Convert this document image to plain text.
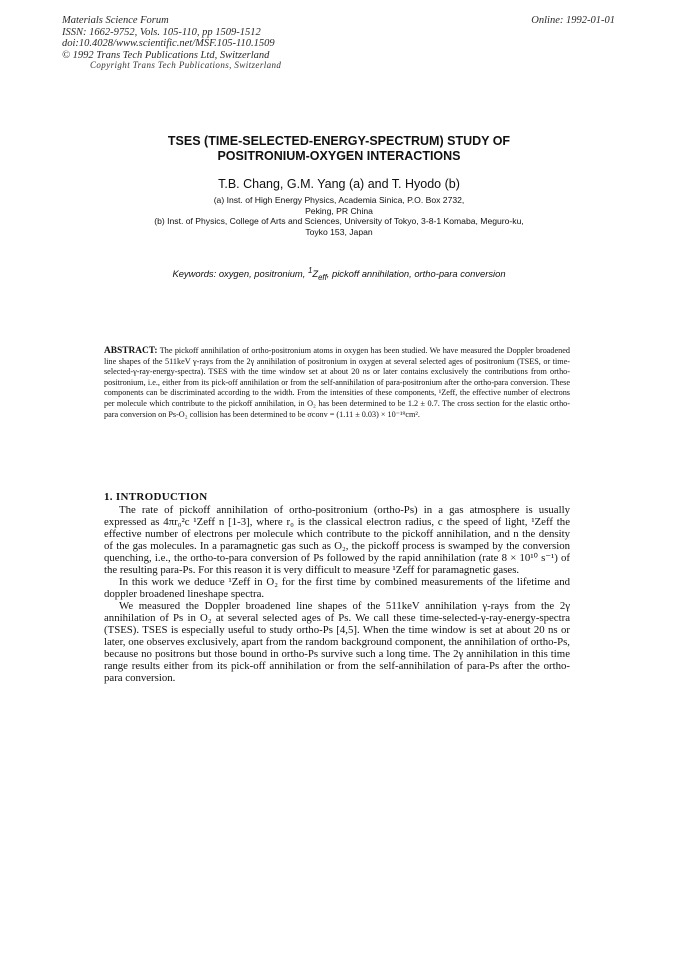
Materials Science Forum
ISSN: 1662-9752, Vols. 105-110, pp 1509-1512
doi:10.4028/www.scientific.net/MSF.105-110.1509
© 1992 Trans Tech Publications Ltd, Switzerland
Copyright Trans Tech Publications, Switzerland
Online: 1992-01-01
TSES (TIME-SELECTED-ENERGY-SPECTRUM) STUDY OF
POSITRONIUM-OXYGEN INTERACTIONS
T.B. Chang, G.M. Yang (a) and T. Hyodo (b)
(a) Inst. of High Energy Physics, Academia Sinica, P.O. Box 2732,
Peking, PR China
(b) Inst. of Physics, College of Arts and Sciences, University of Tokyo, 3-8-1 Komaba, Meguro-ku,
Toyko 153, Japan
Keywords: oxygen, positronium, $^1Z_{eff}$, pickoff annihilation, ortho-para conversion
ABSTRACT: The pickoff annihilation of ortho-positronium atoms in oxygen has been studied. We have measured the Doppler broadened line shapes of the 511keV γ-rays from the 2γ annihilation of positronium in oxygen at several selected ages of positronium (TSES, or time-selected-γ-ray-energy-spectra). TSES with the time window set at about 20 ns or later contains exclusively the contributions from ortho-positronium, i.e., either from its pick-off annihilation or from the self-annihilation of para-positronium after the ortho-para conversion. These components can be discriminated according to the width. From the intensities of these components, ¹Zeff, the effective number of electrons per molecule which contribute to the pickoff annihilation, in O₂ has been determined to be 1.2 ± 0.7. The cross section for the elastic ortho-para conversion on Ps-O₂ collision has been determined to be σconv = (1.11 ± 0.03) × 10⁻¹⁹cm².
1. INTRODUCTION

The rate of pickoff annihilation of ortho-positronium (ortho-Ps) in a gas atmosphere is usually expressed as 4πr₀²c ¹Zeff n [1-3], where r₀ is the classical electron radius, c the speed of light, ¹Zeff the effective number of electrons per molecule which contribute to the pickoff annihilation, and n the density of the gas molecules. In a paramagnetic gas such as O₂, the pickoff process is swamped by the conversion quenching, i.e., the ortho-to-para conversion of Ps followed by the rapid annihilation (rate 8 × 10¹⁰ s⁻¹) of the resulting para-Ps. For this reason it is very difficult to measure ¹Zeff for paramagnetic gases.

In this work we deduce ¹Zeff in O₂ for the first time by combined measurements of the lifetime and doppler broadened lineshape spectra.

We measured the Doppler broadened line shapes of the 511keV annihilation γ-rays from the 2γ annihilation of Ps in O₂ at several selected ages of Ps. We call these time-selected-γ-ray-energy-spectra (TSES). TSES is especially useful to study ortho-Ps [4,5]. When the time window is set at about 20 ns or later, one observes exclusively, apart from the random background component, the annihilation of ortho-Ps, because no positrons but those bound in ortho-Ps survive such a long time. The 2γ annihilation in this time range results either from its pick-off annihilation or from the self-annihilation of para-Ps after the ortho-para conversion.
